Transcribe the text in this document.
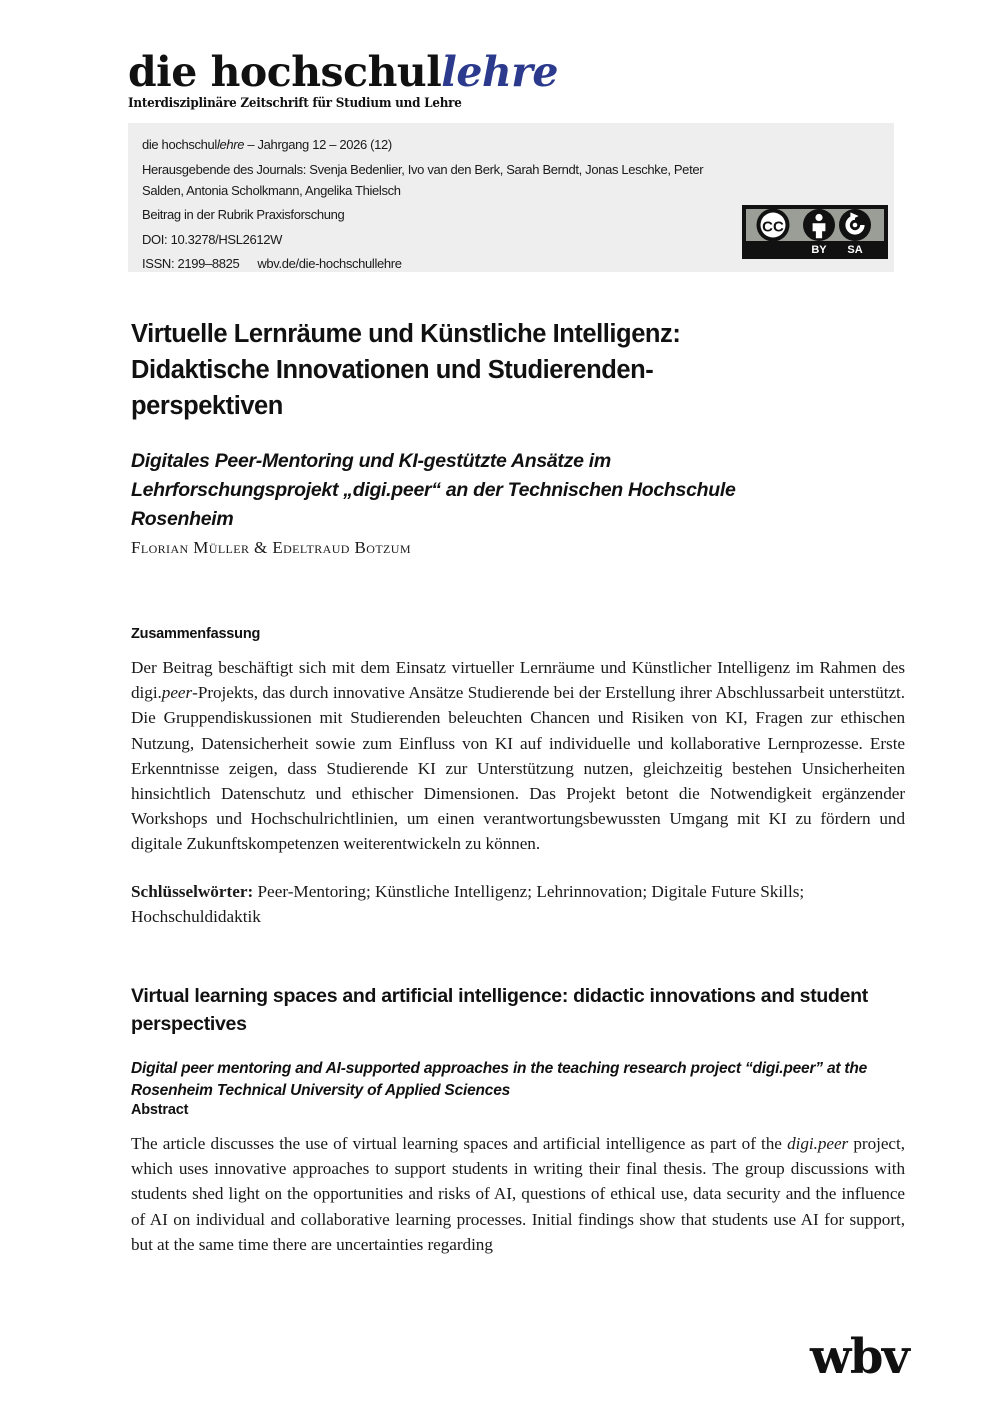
die hochschullehre
Interdisziplinäre Zeitschrift für Studium und Lehre
die hochschullehre – Jahrgang 12 – 2026 (12)
Herausgebende des Journals: Svenja Bedenlier, Ivo van den Berk, Sarah Berndt, Jonas Leschke, Peter Salden, Antonia Scholkmann, Angelika Thielsch
Beitrag in der Rubrik Praxisforschung
DOI: 10.3278/HSL2612W
ISSN: 2199–8825 wbv.de/die-hochschullehre
CC
BY SA
Virtuelle Lernräume und Künstliche Intelligenz: Didaktische Innovationen und Studierenden-perspektiven
Digitales Peer-Mentoring und KI-gestützte Ansätze im Lehrforschungsprojekt „digi.peer“ an der Technischen Hochschule Rosenheim
Florian Müller & Edeltraud Botzum
Zusammenfassung
Der Beitrag beschäftigt sich mit dem Einsatz virtueller Lernräume und Künstlicher Intelligenz im Rahmen des digi.peer-Projekts, das durch innovative Ansätze Studierende bei der Erstellung ihrer Abschlussarbeit unterstützt. Die Gruppendiskussionen mit Studierenden beleuchten Chancen und Risiken von KI, Fragen zur ethischen Nutzung, Datensicherheit sowie zum Einfluss von KI auf individuelle und kollaborative Lernprozesse. Erste Erkenntnisse zeigen, dass Studierende KI zur Unterstützung nutzen, gleichzeitig bestehen Unsicherheiten hinsichtlich Datenschutz und ethischer Dimensionen. Das Projekt betont die Notwendigkeit ergänzender Workshops und Hochschulrichtlinien, um einen verantwortungsbewussten Umgang mit KI zu fördern und digitale Zukunftskompetenzen weiterentwickeln zu können.
Schlüsselwörter: Peer-Mentoring; Künstliche Intelligenz; Lehrinnovation; Digitale Future Skills; Hochschuldidaktik
Virtual learning spaces and artificial intelligence: didactic innovations and student perspectives
Digital peer mentoring and AI-supported approaches in the teaching research project “digi.peer” at the Rosenheim Technical University of Applied Sciences
Abstract
The article discusses the use of virtual learning spaces and artificial intelligence as part of the digi.peer project, which uses innovative approaches to support students in writing their final thesis. The group discussions with students shed light on the opportunities and risks of AI, questions of ethical use, data security and the influence of AI on individual and collaborative learning processes. Initial findings show that students use AI for support, but at the same time there are uncertainties regarding
wbv
